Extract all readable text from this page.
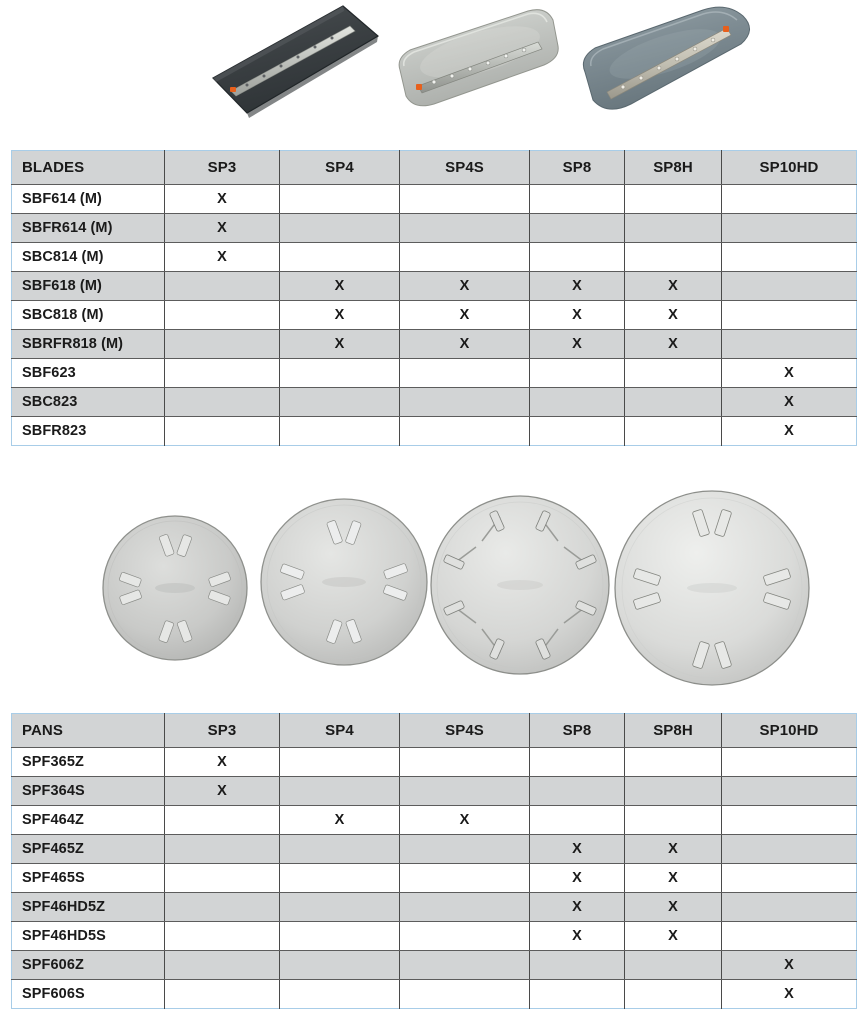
BLADES	SP3	SP4	SP4S	SP8	SP8H	SP10HD
SBF614 (M)	X					
SBFR614 (M)	X					
SBC814 (M)	X					
SBF618 (M)		X	X	X	X	
SBC818 (M)		X	X	X	X	
SBRFR818 (M)		X	X	X	X	
SBF623						X
SBC823						X
SBFR823						X
PANS	SP3	SP4	SP4S	SP8	SP8H	SP10HD
SPF365Z	X					
SPF364S	X					
SPF464Z		X	X			
SPF465Z				X	X	
SPF465S				X	X	
SPF46HD5Z				X	X	
SPF46HD5S				X	X	
SPF606Z						X
SPF606S						X
